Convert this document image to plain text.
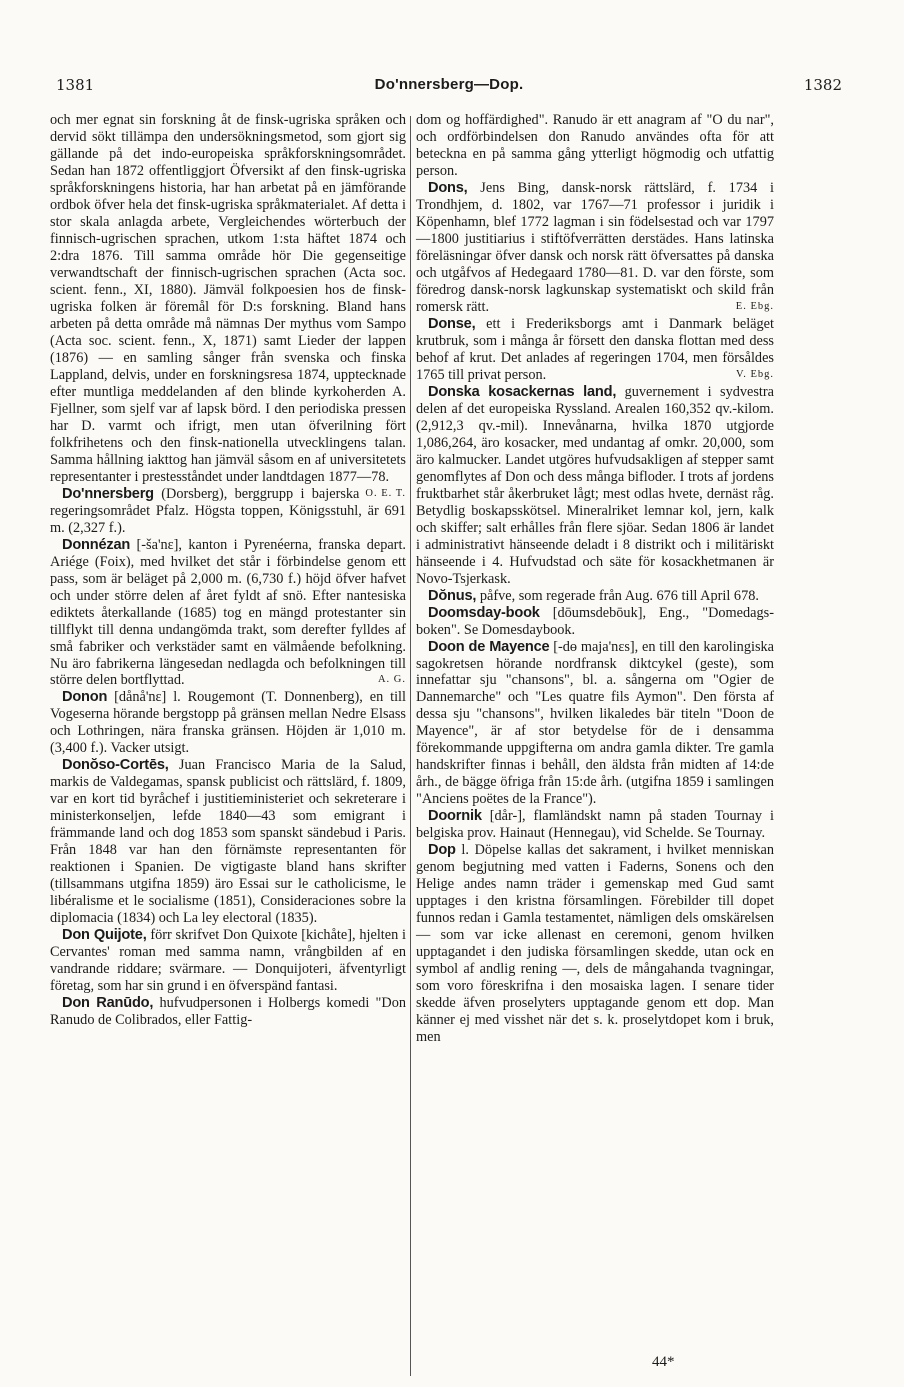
1381	Do'nnersberg—Dop.	1382

och mer egnat sin forskning åt de finsk-ugriska språken och dervid sökt tillämpa den undersökningsmetod, som gjort sig gällande på det indo-europeiska språkforskningsområdet. Sedan han 1872 offentliggjort Öfversikt af den finsk-ugriska språkforskningens historia, har han arbetat på en jämförande ordbok öfver hela det finsk-ugriska språkmaterialet. Af detta i stor skala anlagda arbete, Vergleichendes wörterbuch der finnisch-ugrischen sprachen, utkom 1:sta häftet 1874 och 2:dra 1876. Till samma område hör Die gegenseitige verwandtschaft der finnisch-ugrischen sprachen (Acta soc. scient. fenn., XI, 1880). Jämväl folkpoesien hos de finsk-ugriska folken är föremål för D:s forskning. Bland hans arbeten på detta område må nämnas Der mythus vom Sampo (Acta soc. scient. fenn., X, 1871) samt Lieder der lappen (1876) — en samling sånger från svenska och finska Lappland, delvis, under en forskningsresa 1874, upptecknade efter muntliga meddelanden af den blinde kyrkoherden A. Fjellner, som sjelf var af lapsk börd. I den periodiska pressen har D. varmt och ifrigt, men utan öfverilning fört folkfrihetens och den finsk-nationella utvecklingens talan. Samma hållning iakttog han jämväl såsom en af universitetets representanter i prestesståndet under landtdagen 1877—78.
O. E. T.

Do'nnersberg (Dorsberg), berggrupp i bajerska regeringsområdet Pfalz. Högsta toppen, Königsstuhl, är 691 m. (2,327 f.).

Donnézan [-ša'nɛ], kanton i Pyrenéerna, franska depart. Ariége (Foix), med hvilket det står i förbindelse genom ett pass, som är beläget på 2,000 m. (6,730 f.) höjd öfver hafvet och under större delen af året fyldt af snö. Efter nantesiska ediktets återkallande (1685) tog en mängd protestanter sin tillflykt till denna undangömda trakt, som derefter fylldes af små fabriker och verkstäder samt en välmående befolkning. Nu äro fabrikerna längesedan nedlagda och befolkningen till större delen bortflyttad.	A. G.

Donon [dånå'nɛ] l. Rougemont (T. Donnenberg), en till Vogeserna hörande bergstopp på gränsen mellan Nedre Elsass och Lothringen, nära franska gränsen. Höjden är 1,010 m. (3,400 f.). Vacker utsigt.

Donŏso-Cortēs, Juan Francisco Maria de la Salud, markis de Valdegamas, spansk publicist och rättslärd, f. 1809, var en kort tid byråchef i justitieministeriet och sekreterare i ministerkonseljen, lefde 1840—43 som emigrant i främmande land och dog 1853 som spanskt sändebud i Paris. Från 1848 var han den förnämste representanten för reaktionen i Spanien. De vigtigaste bland hans skrifter (tillsammans utgifna 1859) äro Essai sur le catholicisme, le libéralisme et le socialisme (1851), Consideraciones sobre la diplomacia (1834) och La ley electoral (1835).

Don Quijote, förr skrifvet Don Quixote [kichåte], hjelten i Cervantes' roman med samma namn, vrångbilden af en vandrande riddare; svärmare. — Donquijoteri, äfventyrligt företag, som har sin grund i en öfverspänd fantasi.

Don Ranūdo, hufvudpersonen i Holbergs komedi "Don Ranudo de Colibrados, eller Fattig-

dom og hoffärdighed". Ranudo är ett anagram af "O du nar", och ordförbindelsen don Ranudo användes ofta för att beteckna en på samma gång ytterligt högmodig och utfattig person.

Dons, Jens Bing, dansk-norsk rättslärd, f. 1734 i Trondhjem, d. 1802, var 1767—71 professor i juridik i Köpenhamn, blef 1772 lagman i sin födelsestad och var 1797—1800 justitiarius i stiftöfverrätten derstädes. Hans latinska föreläsningar öfver dansk och norsk rätt öfversattes på danska och utgåfvos af Hedegaard 1780—81. D. var den förste, som föredrog dansk-norsk lagkunskap systematiskt och skild från romersk rätt.	E. Ebg.

Donse, ett i Frederiksborgs amt i Danmark beläget krutbruk, som i många år försett den danska flottan med dess behof af krut. Det anlades af regeringen 1704, men försåldes 1765 till privat person.	V. Ebg.

Donska kosackernas land, guvernement i sydvestra delen af det europeiska Ryssland. Arealen 160,352 qv.-kilom. (2,912,3 qv.-mil). Innevånarna, hvilka 1870 utgjorde 1,086,264, äro kosacker, med undantag af omkr. 20,000, som äro kalmucker. Landet utgöres hufvudsakligen af stepper samt genomflytes af Don och dess många bifloder. I trots af jordens fruktbarhet står åkerbruket lågt; mest odlas hvete, dernäst råg. Betydlig boskapsskötsel. Mineralriket lemnar kol, jern, kalk och skiffer; salt erhålles från flere sjöar. Sedan 1806 är landet i administrativt hänseende deladt i 8 distrikt och i militäriskt hänseende i 4. Hufvudstad och säte för kosackhetmanen är Novo-Tsjerkask.

Dŏnus, påfve, som regerade från Aug. 676 till April 678.

Doomsday-book [dōumsdebōuk], Eng., "Domedags-boken". Se Domesdaybook.

Doon de Mayence [-dɵ maja'nɛs], en till den karolingiska sagokretsen hörande nordfransk diktcykel (geste), som innefattar sju "chansons", bl. a. sångerna om "Ogier de Dannemarche" och "Les quatre fils Aymon". Den första af dessa sju "chansons", hvilken likaledes bär titeln "Doon de Mayence", är af stor betydelse för de i densamma förekommande uppgifterna om andra gamla dikter. Tre gamla handskrifter finnas i behåll, den äldsta från midten af 14:de årh., de bägge öfriga från 15:de årh. (utgifna 1859 i samlingen "Anciens poëtes de la France").

Doornik [dår-], flamländskt namn på staden Tournay i belgiska prov. Hainaut (Hennegau), vid Schelde. Se Tournay.

Dop l. Döpelse kallas det sakrament, i hvilket menniskan genom begjutning med vatten i Faderns, Sonens och den Helige andes namn träder i gemenskap med Gud samt upptages i den kristna församlingen. Förebilder till dopet funnos redan i Gamla testamentet, nämligen dels omskärelsen — som var icke allenast en ceremoni, genom hvilken upptagandet i den judiska församlingen skedde, utan ock en symbol af andlig rening —, dels de mångahanda tvagningar, som voro föreskrifna i den mosaiska lagen. I senare tider skedde äfven proselyters upptagande genom ett dop. Man känner ej med visshet när det s. k. proselytdopet kom i bruk, men

44*
